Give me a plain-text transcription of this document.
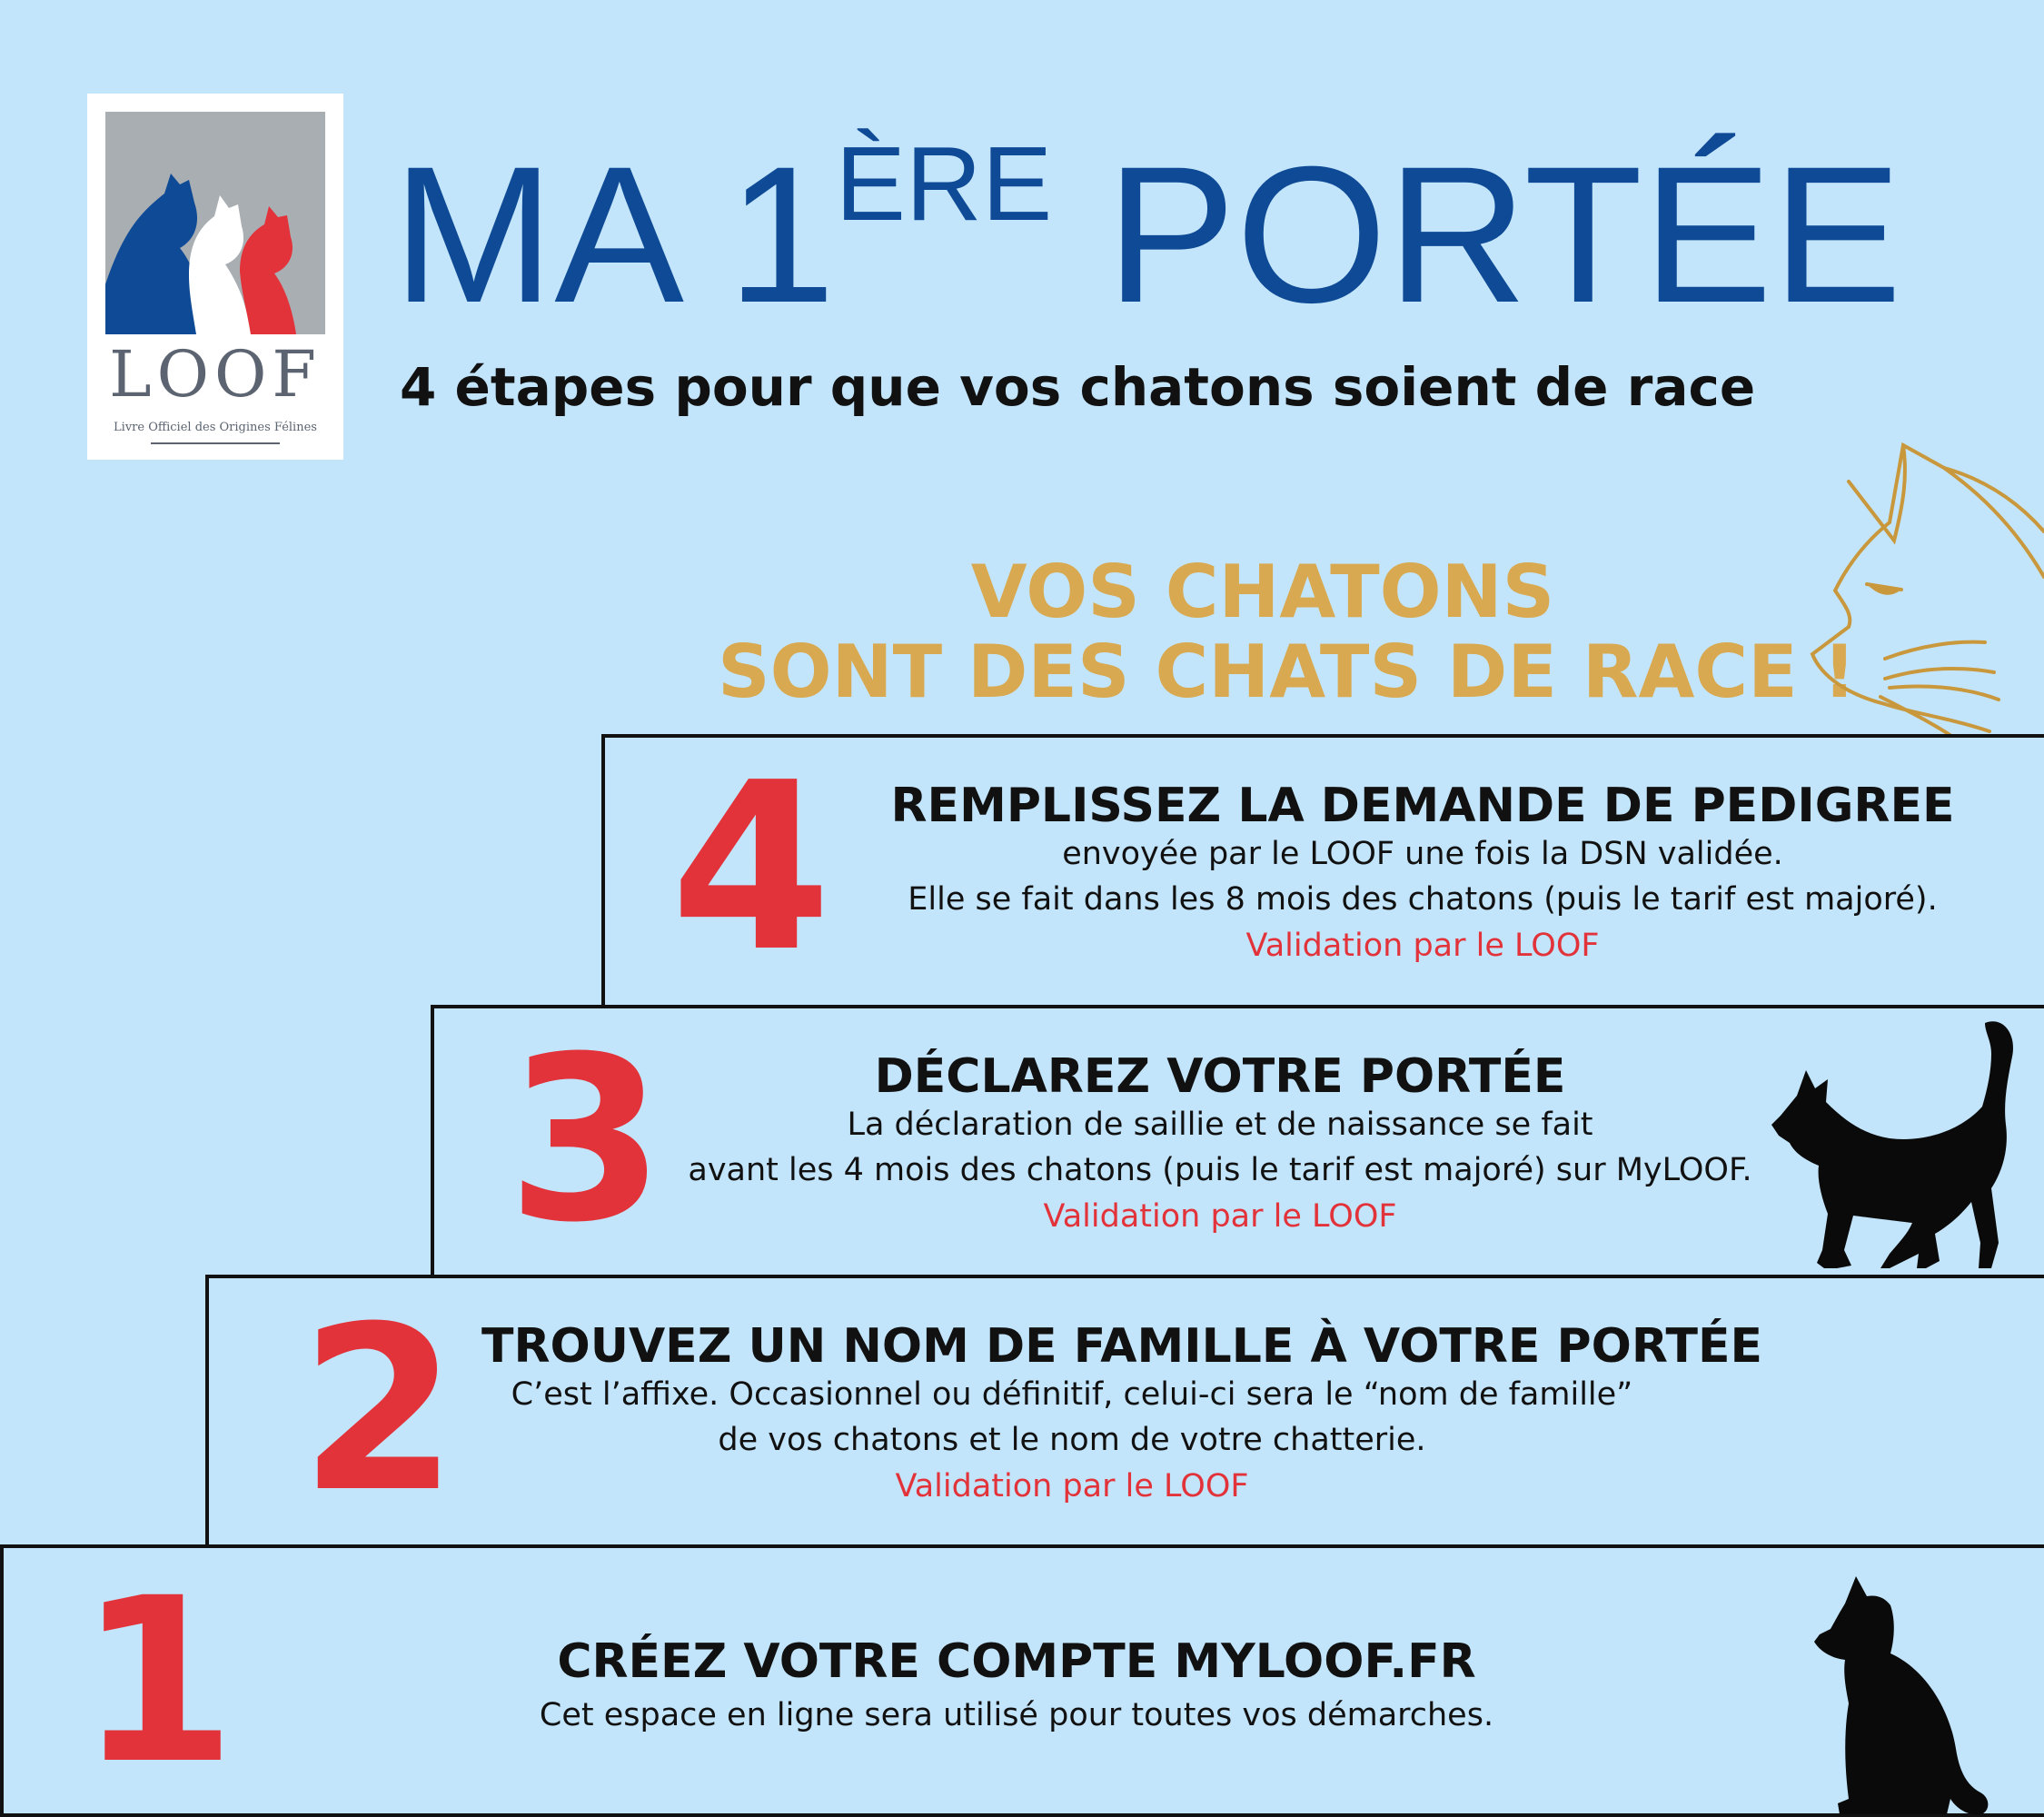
LOOF
Livre Officiel des Origines Félines
MA 1ÈRE PORTÉE
4 étapes pour que vos chatons soient de race
VOS CHATONS
SONT DES CHATS DE RACE !
4	REMPLISSEZ LA DEMANDE DE PEDIGREE
envoyée par le LOOF une fois la DSN validée.
Elle se fait dans les 8 mois des chatons (puis le tarif est majoré).
Validation par le LOOF
3	DÉCLAREZ VOTRE PORTÉE
La déclaration de saillie et de naissance se fait
avant les 4 mois des chatons (puis le tarif est majoré) sur MyLOOF.
Validation par le LOOF
2 TROUVEZ UN NOM DE FAMILLE À VOTRE PORTÉE
C’est l’affixe. Occasionnel ou définitif, celui-ci sera le “nom de famille”
de vos chatons et le nom de votre chatterie.
Validation par le LOOF
1	CRÉEZ VOTRE COMPTE MYLOOF.FR
Cet espace en ligne sera utilisé pour toutes vos démarches.
